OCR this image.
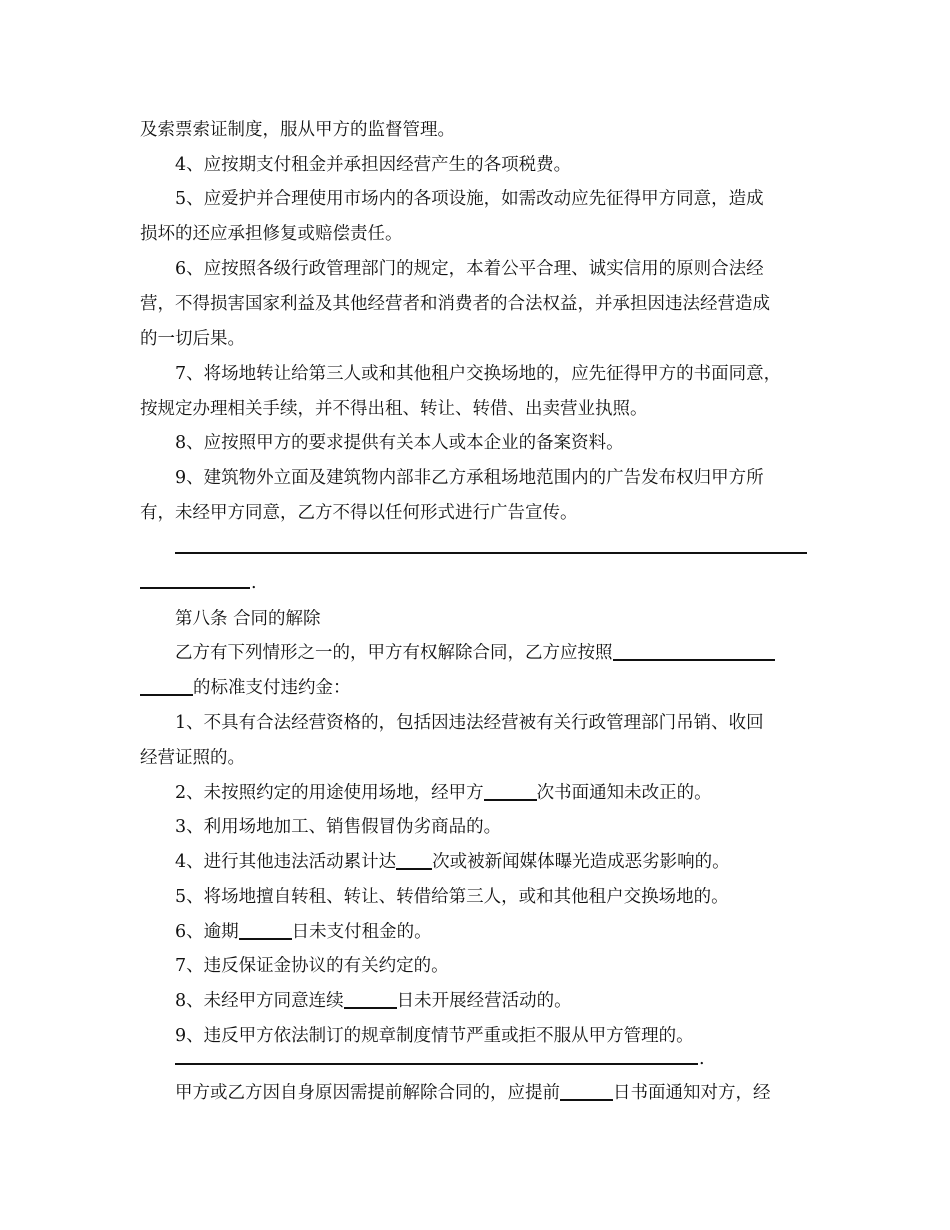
及索票索证制度，服从甲方的监督管理。
4、应按期支付租金并承担因经营产生的各项税费。
5、应爱护并合理使用市场内的各项设施，如需改动应先征得甲方同意，造成
损坏的还应承担修复或赔偿责任。
6、应按照各级行政管理部门的规定，本着公平合理、诚实信用的原则合法经
营，不得损害国家利益及其他经营者和消费者的合法权益，并承担因违法经营造成
的一切后果。
7、将场地转让给第三人或和其他租户交换场地的，应先征得甲方的书面同意，
按规定办理相关手续，并不得出租、转让、转借、出卖营业执照。
8、应按照甲方的要求提供有关本人或本企业的备案资料。
9、建筑物外立面及建筑物内部非乙方承租场地范围内的广告发布权归甲方所
有，未经甲方同意，乙方不得以任何形式进行广告宣传。
.
第八条 合同的解除
乙方有下列情形之一的，甲方有权解除合同，乙方应按照
的标准支付违约金：
1、不具有合法经营资格的，包括因违法经营被有关行政管理部门吊销、收回
经营证照的。
2、未按照约定的用途使用场地，经甲方	次书面通知未改正的。
3、利用场地加工、销售假冒伪劣商品的。
4、进行其他违法活动累计达 次或被新闻媒体曝光造成恶劣影响的。
5、将场地擅自转租、转让、转借给第三人，或和其他租户交换场地的。
6、逾期	日未支付租金的。
7、违反保证金协议的有关约定的。
8、未经甲方同意连续	日未开展经营活动的。
9、违反甲方依法制订的规章制度情节严重或拒不服从甲方管理的。
.
甲方或乙方因自身原因需提前解除合同的，应提前	日书面通知对方，经
